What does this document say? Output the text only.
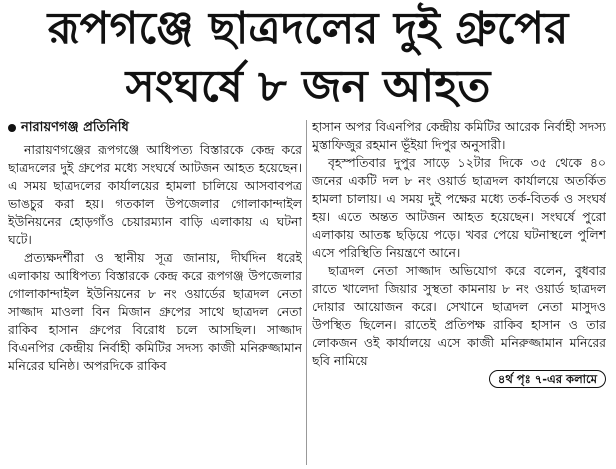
রূপগঞ্জে ছাত্রদলের দুই গ্রুপের
সংঘর্ষে ৮ জন আহত
নারায়ণগঞ্জ প্রতিনিধি

নারায়ণগঞ্জের রূপগঞ্জে আধিপত্য বিস্তারকে কেন্দ্র করে ছাত্রদলের দুই গ্রুপের মধ্যে সংঘর্ষে আটজন আহত হয়েছেন। এ সময় ছাত্রদলের কার্যালয়ের হামলা চালিয়ে আসবাবপত্র ভাঙচুর করা হয়। গতকাল উপজেলার গোলাকান্দাইল ইউনিয়নের হোড়গাঁও চেয়ারম্যান বাড়ি এলাকায় এ ঘটনা ঘটে।

প্রত্যক্ষদর্শীরা ও স্থানীয় সূত্র জানায়, দীর্ঘদিন ধরেই এলাকায় আধিপত্য বিস্তারকে কেন্দ্র করে রূপগঞ্জ উপজেলার গোলাকান্দাইল ইউনিয়নের ৮ নং ওয়ার্ডের ছাত্রদল নেতা সাজ্জাদ মাওলা বিন মিজান গ্রুপের সাথে ছাত্রদল নেতা রাকিব হাসান গ্রুপের বিরোধ চলে আসছিল। সাজ্জাদ বিএনপির কেন্দ্রীয় নির্বাহী কমিটির সদস্য কাজী মনিরুজ্জামান মনিরের ঘনিষ্ঠ। অপরদিকে রাকিব

হাসান অপর বিএনপির কেন্দ্রীয় কমিটির আরেক নির্বাহী সদস্য মুস্তাফিজুর রহমান ভূঁইয়া দিপুর অনুসারী।

বৃহস্পতিবার দুপুর সাড়ে ১২টার দিকে ৩৫ থেকে ৪০ জনের একটি দল ৮ নং ওয়ার্ড ছাত্রদল কার্যালয়ে অতর্কিত হামলা চালায়। এ সময় দুই পক্ষের মধ্যে তর্ক-বিতর্ক ও সংঘর্ষ হয়। এতে অন্তত আটজন আহত হয়েছেন। সংঘর্ষে পুরো এলাকায় আতঙ্ক ছড়িয়ে পড়ে। খবর পেয়ে ঘটনাস্থলে পুলিশ এসে পরিস্থিতি নিয়ন্ত্রণে আনে।

ছাত্রদল নেতা সাজ্জাদ অভিযোগ করে বলেন, বুধবার রাতে খালেদা জিয়ার সুস্থতা কামনায় ৮ নং ওয়ার্ড ছাত্রদল দোয়ার আয়োজন করে। সেখানে ছাত্রদল নেতা মাসুদও উপস্থিত ছিলেন। রাতেই প্রতিপক্ষ রাকিব হাসান ও তার লোকজন ওই কার্যালয়ে এসে কাজী মনিরুজ্জামান মনিরের ছবি নামিয়ে

৪র্থ পৃঃ ৭-এর কলামে
